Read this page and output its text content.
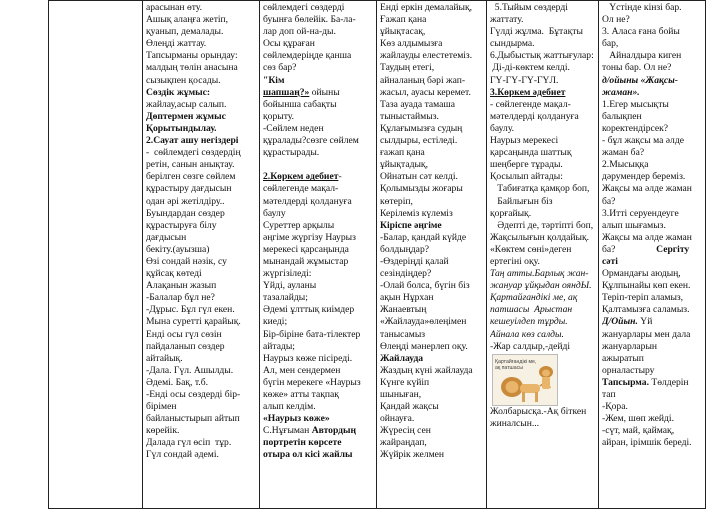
арасынан өту.
Ашық алаңға жетіп,
қуанып, демалады.
Өлеңді жаттау.
Тапсырманы орындау:
малдың төлін анасына
сызықпен қосады.
Сөздік жұмыс:
жайлау,асыр салып.
Дөптермен жұмыс
Қорытындылау.
2.Сауат ашу негіздері
-  сөйлемдегі сөздердің
ретін, санын анықтау.
берілген сөзге сөйлем
құрастыру дағдысын
одан әрі жетілдіру..
Буындардан сөздер
құрастыруға білу
дағдысын
бекіту.(ауызша)
Өзі сондай нәзік, су
құйсақ көтеді
Алақанын жазып
-Балалар бұл не?
-Дұрыс. Бұл гүл екен.
Мына суретті қарайық.
Енді осы гүл сөзін
пайдаланып сөздер
айтайық.
-Дала. Гүл. Ашылды.
Әдемі. Бақ, т.б.
-Енді осы сөздерді бір-
бірімен
байланыстырып айтып
көрейік.
Далада гүл өсіп  тұр.
Гүл сондай әдемі.

сөйлемдегі сөздерді
буынға бөлейік. Ба-ла-
лар доп ой-на-ды.
Осы құраған
сөйлемдеріңде қанша
сөз бар?
"Кім
шапшаң?» ойыны
бойынша сабақты
қорыту.
-Сөйлем неден
құралады?сөзге сөйлем
құрастырады.

2.Көркем әдебиет-
сөйлегенде мақал-
мәтелдерді қолдануға
баулу
Суреттер арқылы
әңгіме жүргізу Наурыз
мерекесі қарсаңында
мынандай жұмыстар
жүргізіледі:
Үйді, ауланы
тазалайды;
Әдемі ұлттық киімдер
киеді;
Бір-біріне бата-тілектер
айтады;
Наурыз көже пісіреді.
Ал, мен сендермен
бүгін мерекеге «Наурыз
көже» атты тақпақ
алып келдім.
«Наурыз көже»
С.Нұғыман Автордың
портретін көрсете
отыра ол кісі жайлы

Енді еркін демалайық,
Ғажап қана
ұйықтасақ,
Көз алдымызға
жайлауды елестетеміз.
Таудың етегі,
айналаның бәрі жап-
жасыл, ауасы керемет.
Таза ауада тамаша
тыныстаймыз.
Құлағымызға судың
сылдыры, естіледі.
ғажап қана
ұйықтадық,
Ойнатын сәт келді.
Қолымызды жоғары
көтеріп,
Керілеміз күлеміз
Кіріспе әңгіме
-Балар, қандай күйде
болдыңдар?
-Өздеріңді қалай
сезіндіңдер?
-Олай болса, бүгін біз
ақын Нұрхан
Жанаевтың
«Жайлауда»өлеңімен
танысамыз
Өлеңді мәнерлеп оқу.
Жайлауда
Жаздың күні жайлауда
Күнге күйіп
шыныған,
Қандай жақсы
ойнауға.
Жүресің сен
жайраңдап,
Жүйрік желмен

5.Тыйым сөздерді
жаттату.
Гүлді жұлма.  Бұтақты
сындырма.
6.Дыбыстық жаттығулар:
Ді-ді-көктем келді.
ГҮ-ГҮ-ГҮ-ГҮЛ.
3.Көркем әдебиет
- сөйлегенде мақал-
мәтелдерді қолдануға
баулу.
Наурыз мерекесі
қарсаңында шаттық
шеңберге тұрады.
Қосылып айтады:
Табиғатқа қамқор боп,
Байлығын біз қорғайық.
Әдепті де, тәртіпті боп,
Жақсылығын қолдайық.
«Көктем сөні»деген
ертегіні оқу.
Таң атты.Барлық жан-
жануар ұйқыдан ояндЫ.
Қартайғандікі ме, ақ
патшасы  Арыстан
кешеуілдеп тұрды.
Айнала көз салды.
-Жар салдыр,-дейді
Қартайғандікі ме,
ақ патшасы
Жолбарысқа.-Ақ біткен
жиналсын...

Үстінде кінзі бар.
Ол не?
3. Аласа ғана бойы
бар,
Айналдыра киген
тоны бар. Ол не?
д/ойыны «Жақсы-
жаман».
1.Егер мысықты
балықпен
коректендірсек?
- бұл жақсы ма әлде
жаман ба?
2.Мысыққа
дәрумендер береміз.
Жақсы ма әлде жаман
ба?
3.Итті серуендеуге
алып шығамыз.
Жақсы ма әлде жаман
ба?                 Сергіту
сәті
Ормандағы аюдың,
Құлпынайы көп екен.
Теріп-теріп аламыз,
Қалтамызға саламыз.
Д/Ойын. Үй
жануарлары мен дала
жануарларын
ажыратып
орналастыру
Тапсырма. Төлдерін
тап
-Қора.
-Жем, шөп жейді.
-сүт, май, қаймақ,
айран, ірімшік береді.
